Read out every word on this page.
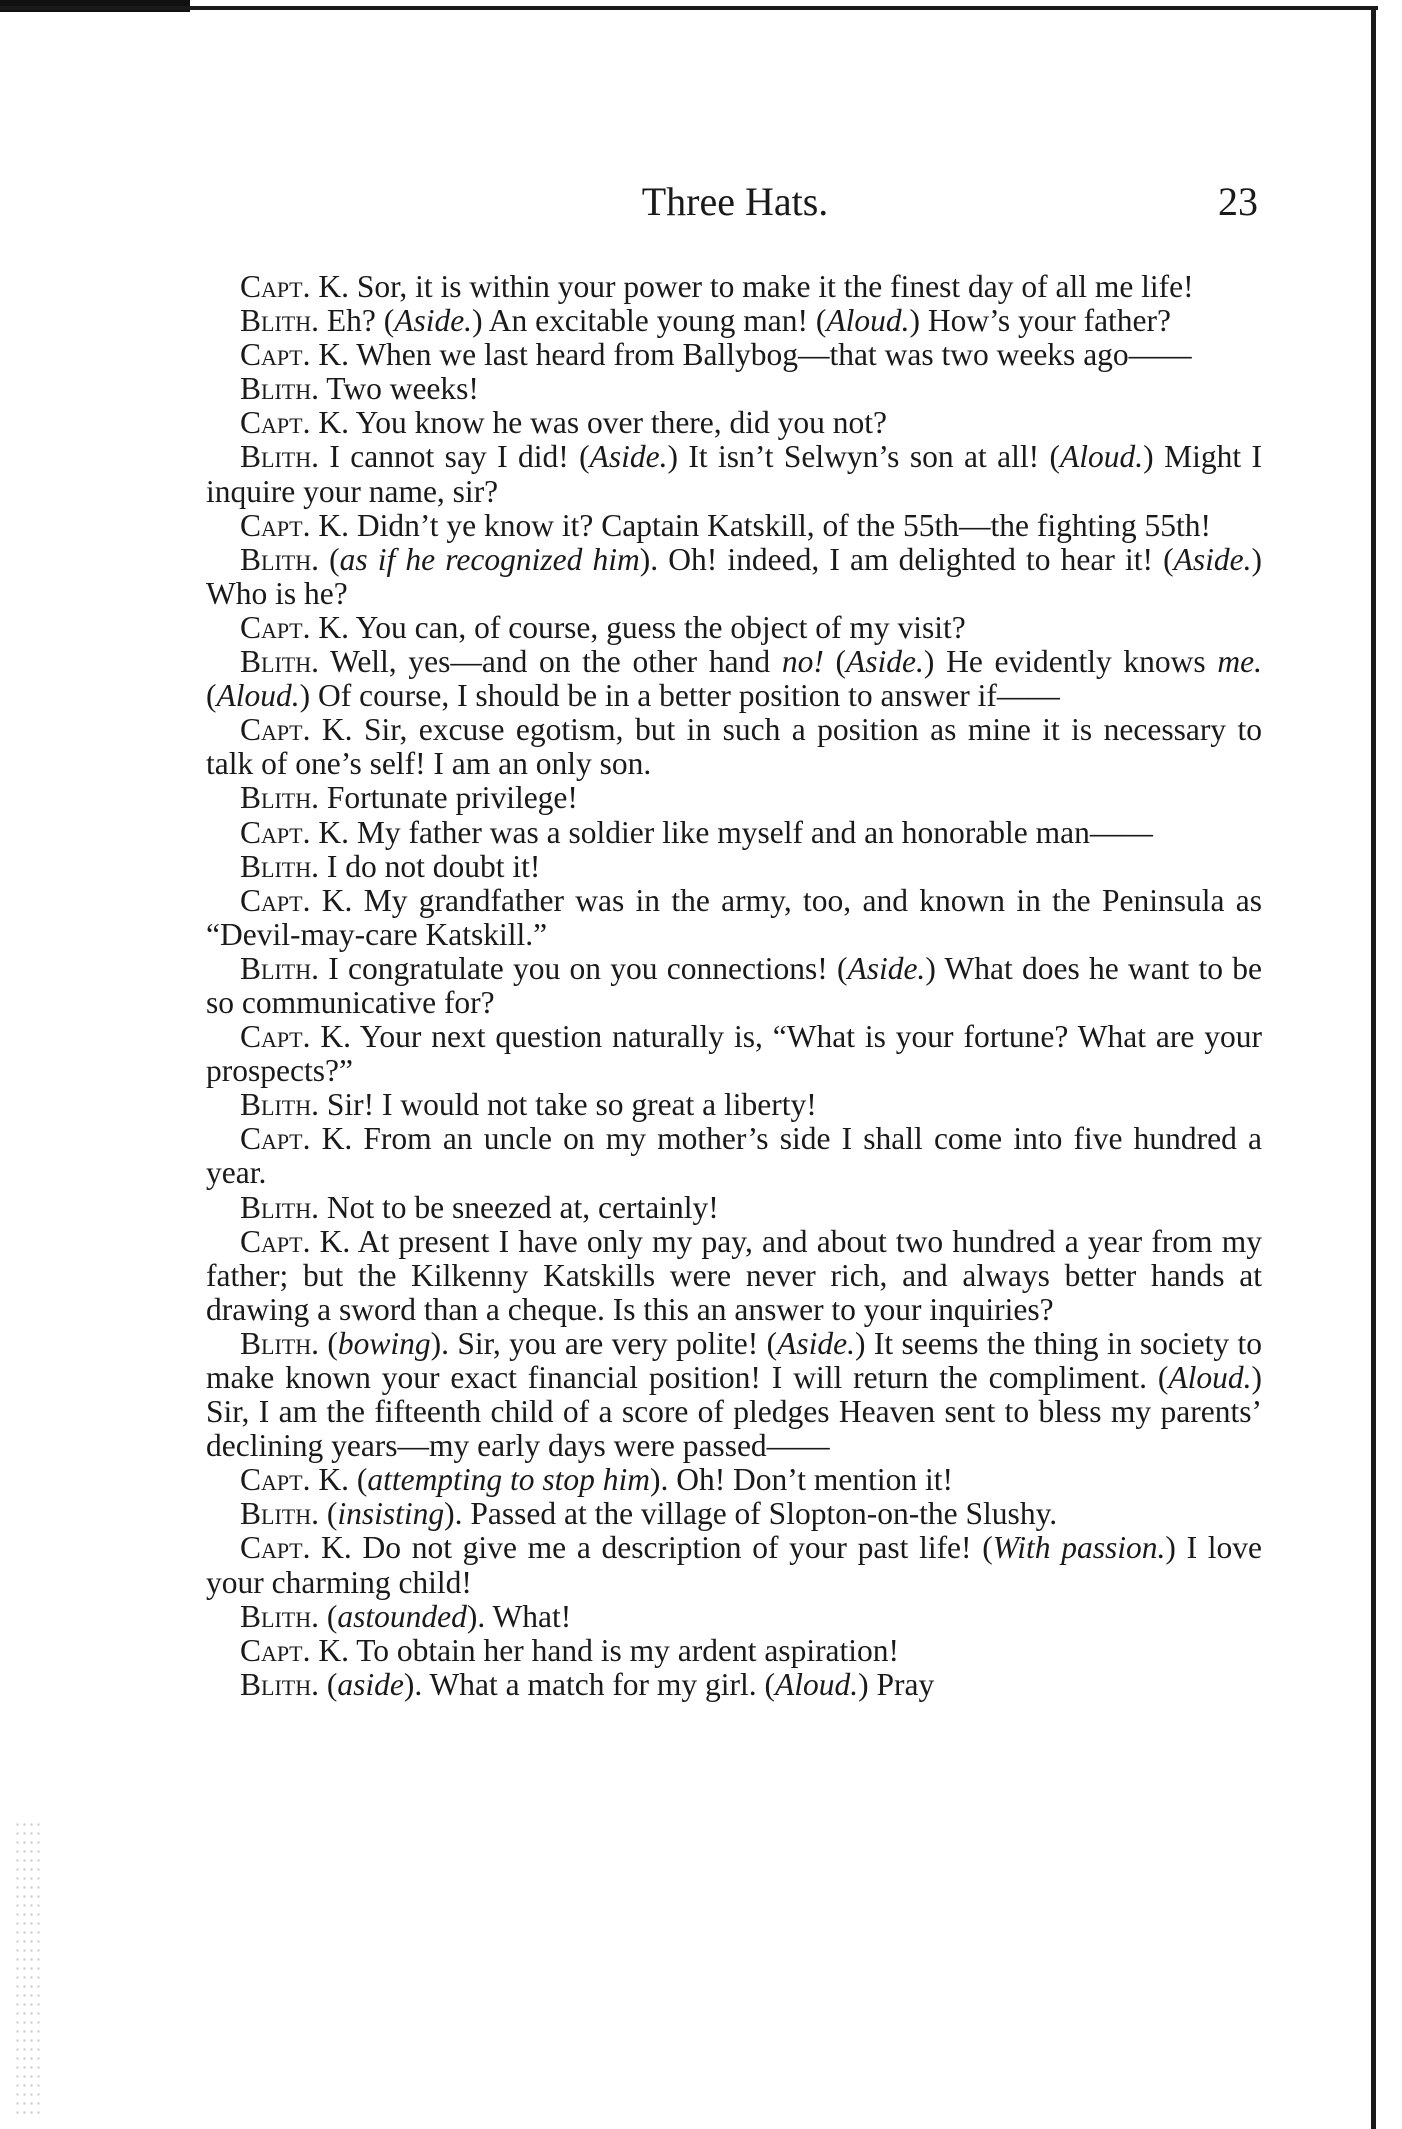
Three Hats.	23

Capt. K. Sor, it is within your power to make it the finest day of all me life!

Blith. Eh? (Aside.) An excitable young man! (Aloud.) How’s your father?

Capt. K. When we last heard from Ballybog—that was two weeks ago——

Blith. Two weeks!

Capt. K. You know he was over there, did you not?

Blith. I cannot say I did! (Aside.) It isn’t Selwyn’s son at all! (Aloud.) Might I inquire your name, sir?

Capt. K. Didn’t ye know it? Captain Katskill, of the 55th—the fighting 55th!

Blith. (as if he recognized him). Oh! indeed, I am delighted to hear it! (Aside.) Who is he?

Capt. K. You can, of course, guess the object of my visit?

Blith. Well, yes—and on the other hand no! (Aside.) He evidently knows me. (Aloud.) Of course, I should be in a better position to answer if——

Capt. K. Sir, excuse egotism, but in such a position as mine it is necessary to talk of one’s self! I am an only son.

Blith. Fortunate privilege!

Capt. K. My father was a soldier like myself and an honorable man——

Blith. I do not doubt it!

Capt. K. My grandfather was in the army, too, and known in the Peninsula as “Devil-may-care Katskill.”

Blith. I congratulate you on you connections! (Aside.) What does he want to be so communicative for?

Capt. K. Your next question naturally is, “What is your fortune? What are your prospects?”

Blith. Sir! I would not take so great a liberty!

Capt. K. From an uncle on my mother’s side I shall come into five hundred a year.

Blith. Not to be sneezed at, certainly!

Capt. K. At present I have only my pay, and about two hundred a year from my father; but the Kilkenny Katskills were never rich, and always better hands at drawing a sword than a cheque. Is this an answer to your inquiries?

Blith. (bowing). Sir, you are very polite! (Aside.) It seems the thing in society to make known your exact financial position! I will return the compliment. (Aloud.) Sir, I am the fifteenth child of a score of pledges Heaven sent to bless my parents’ declining years—my early days were passed——

Capt. K. (attempting to stop him). Oh! Don’t mention it!

Blith. (insisting). Passed at the village of Slopton-on-the Slushy.

Capt. K. Do not give me a description of your past life! (With passion.) I love your charming child!

Blith. (astounded). What!

Capt. K. To obtain her hand is my ardent aspiration!

Blith. (aside). What a match for my girl. (Aloud.) Pray
